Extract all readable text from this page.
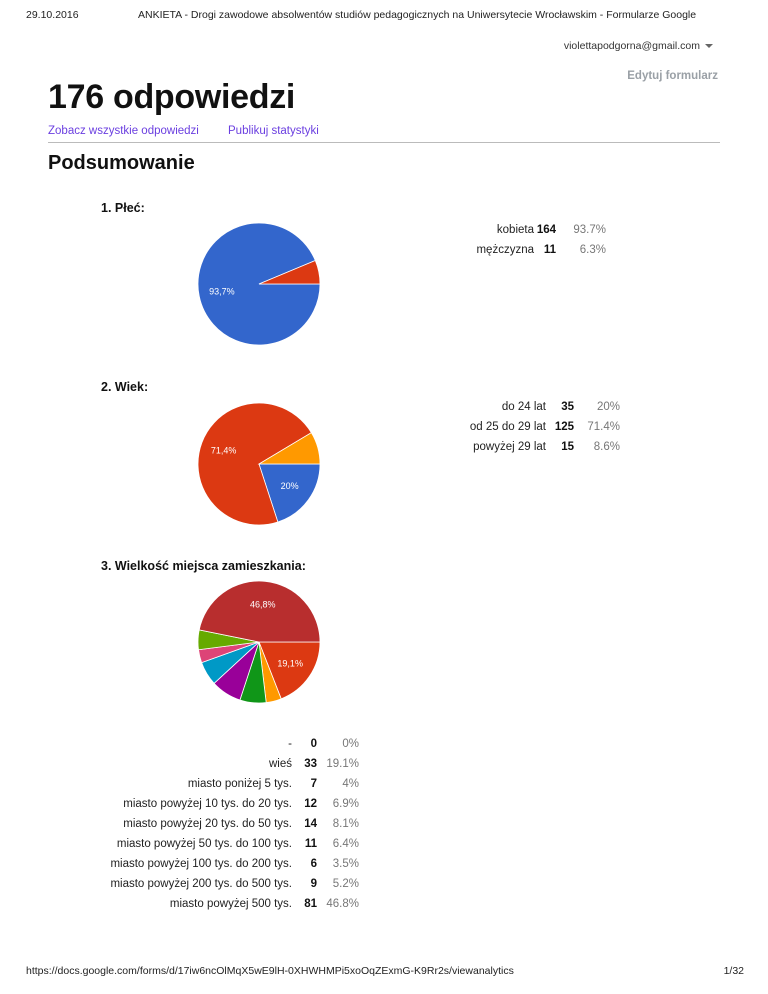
29.10.2016	ANKIETA - Drogi zawodowe absolwentów studiów pedagogicznych na Uniwersytecie Wrocławskim - Formularze Google
violettapodgorna@gmail.com
Edytuj formularz
176 odpowiedzi
Zobacz wszystkie odpowiedzi	Publikuj statystyki
Podsumowanie
1. Płeć:
93,7%
kobieta	164	93.7%
mężczyzna	11	6.3%
2. Wiek:
20%
71,4%
do 24 lat	35	20%
od 25 do 29 lat	125	71.4%
powyżej 29 lat	15	8.6%
3. Wielkość miejsca zamieszkania:
19,1%
46,8%
-	0	0%
wieś	33	19.1%
miasto poniżej 5 tys.	7	4%
miasto powyżej 10 tys. do 20 tys.	12	6.9%
miasto powyżej 20 tys. do 50 tys.	14	8.1%
miasto powyżej 50 tys. do 100 tys.	11	6.4%
miasto powyżej 100 tys. do 200 tys.	6	3.5%
miasto powyżej 200 tys. do 500 tys.	9	5.2%
miasto powyżej 500 tys.	81	46.8%
https://docs.google.com/forms/d/17iw6ncOlMqX5wE9lH-0XHWHMPi5xoOqZExmG-K9Rr2s/viewanalytics	1/32
